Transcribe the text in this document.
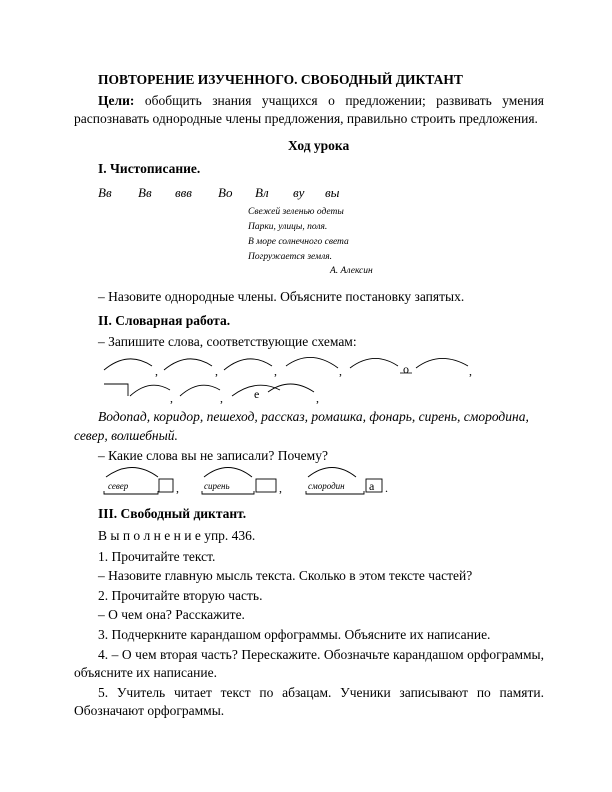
ПОВТОРЕНИЕ ИЗУЧЕННОГО. СВОБОДНЫЙ ДИКТАНТ
Цели: обобщить знания учащихся о предложении; развивать умения
распознавать однородные члены предложения, правильно строить предложения.
Ход урока
I. Чистописание.
Вв Вв ввв Во Вл ву вы
Свежей зеленью одеты
Парки, улицы, поля.
В море солнечного света
Погружается земля.
А. Алексин
– Назовите однородные члены. Объясните постановку запятых.
II. Словарная работа.
– Запишите слова, соответствующие схемам:
,	,	,	,	о	,
,	,	е	,
Водопад, коридор, пешеход, рассказ, ромашка, фонарь, сирень, смородина,
север, волшебный.
– Какие слова вы не записали? Почему?
север	,	сирень	,	смородин а .
III. Свободный диктант.
В ы п о л н е н и е упр. 436.
1. Прочитайте текст.
– Назовите главную мысль текста. Сколько в этом тексте частей?
2. Прочитайте вторую часть.
– О чем она? Расскажите.
3. Подчеркните карандашом орфограммы. Объясните их написание.
4. – О чем вторая часть? Перескажите. Обозначьте карандашом орфограммы,
объясните их написание.
5. Учитель читает текст по абзацам. Ученики записывают по памяти.
Обозначают орфограммы.
